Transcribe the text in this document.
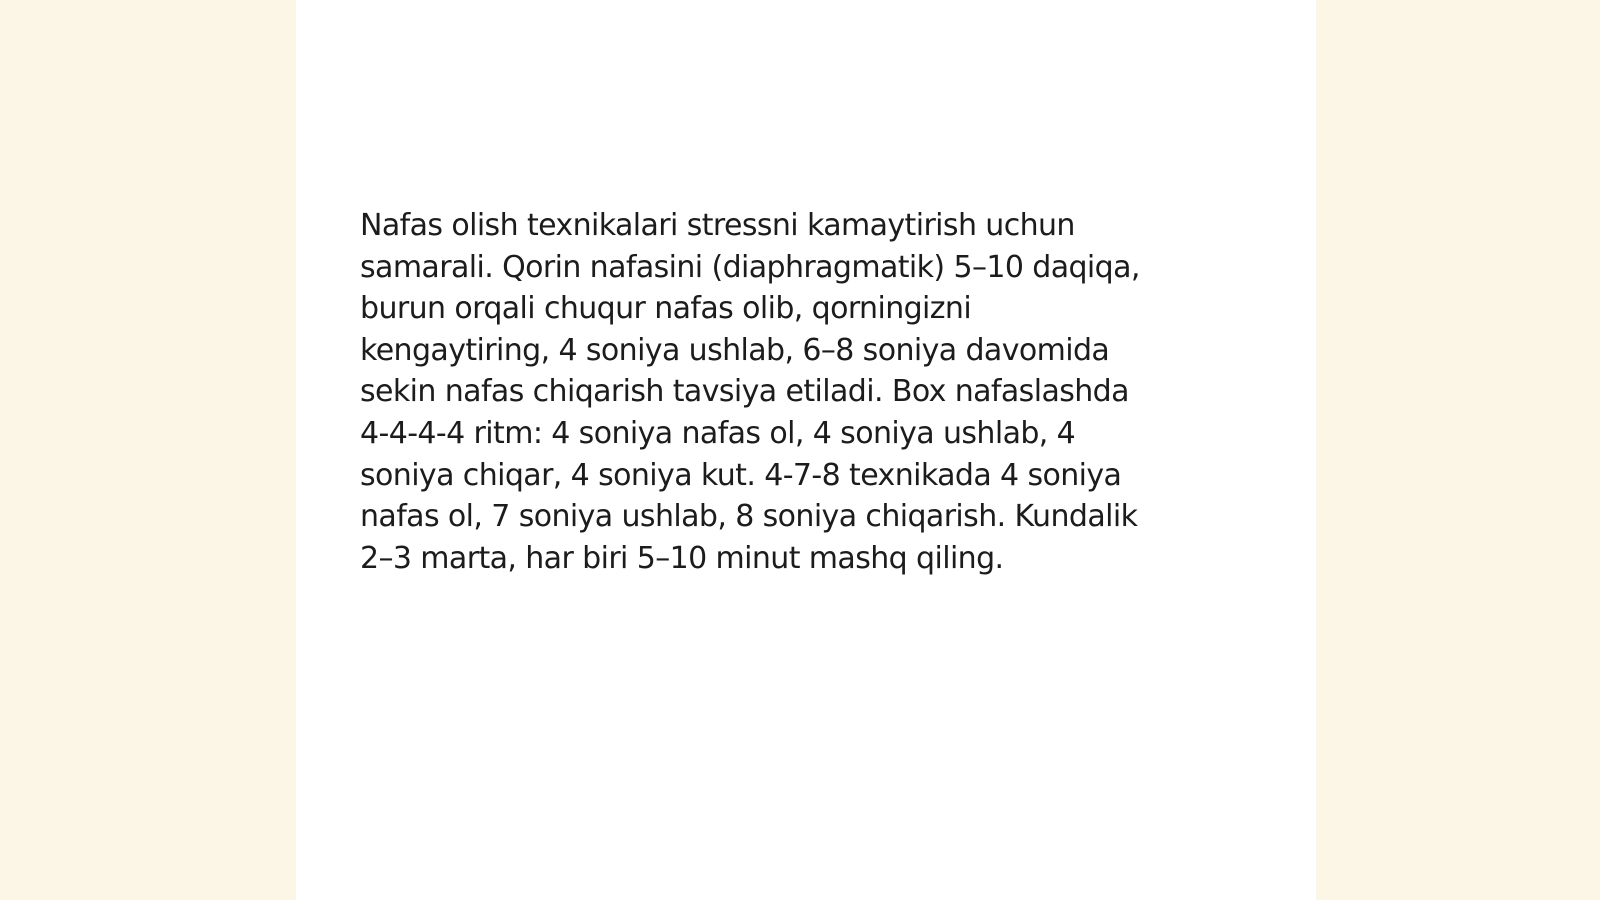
Nafas olish texnikalari stressni kamaytirish uchun
samarali. Qorin nafasini (diaphragmatik) 5–10 daqiqa,
burun orqali chuqur nafas olib, qorningizni
kengaytiring, 4 soniya ushlab, 6–8 soniya davomida
sekin nafas chiqarish tavsiya etiladi. Box nafaslashda
4-4-4-4 ritm: 4 soniya nafas ol, 4 soniya ushlab, 4
soniya chiqar, 4 soniya kut. 4-7-8 texnikada 4 soniya
nafas ol, 7 soniya ushlab, 8 soniya chiqarish. Kundalik
2–3 marta, har biri 5–10 minut mashq qiling.
